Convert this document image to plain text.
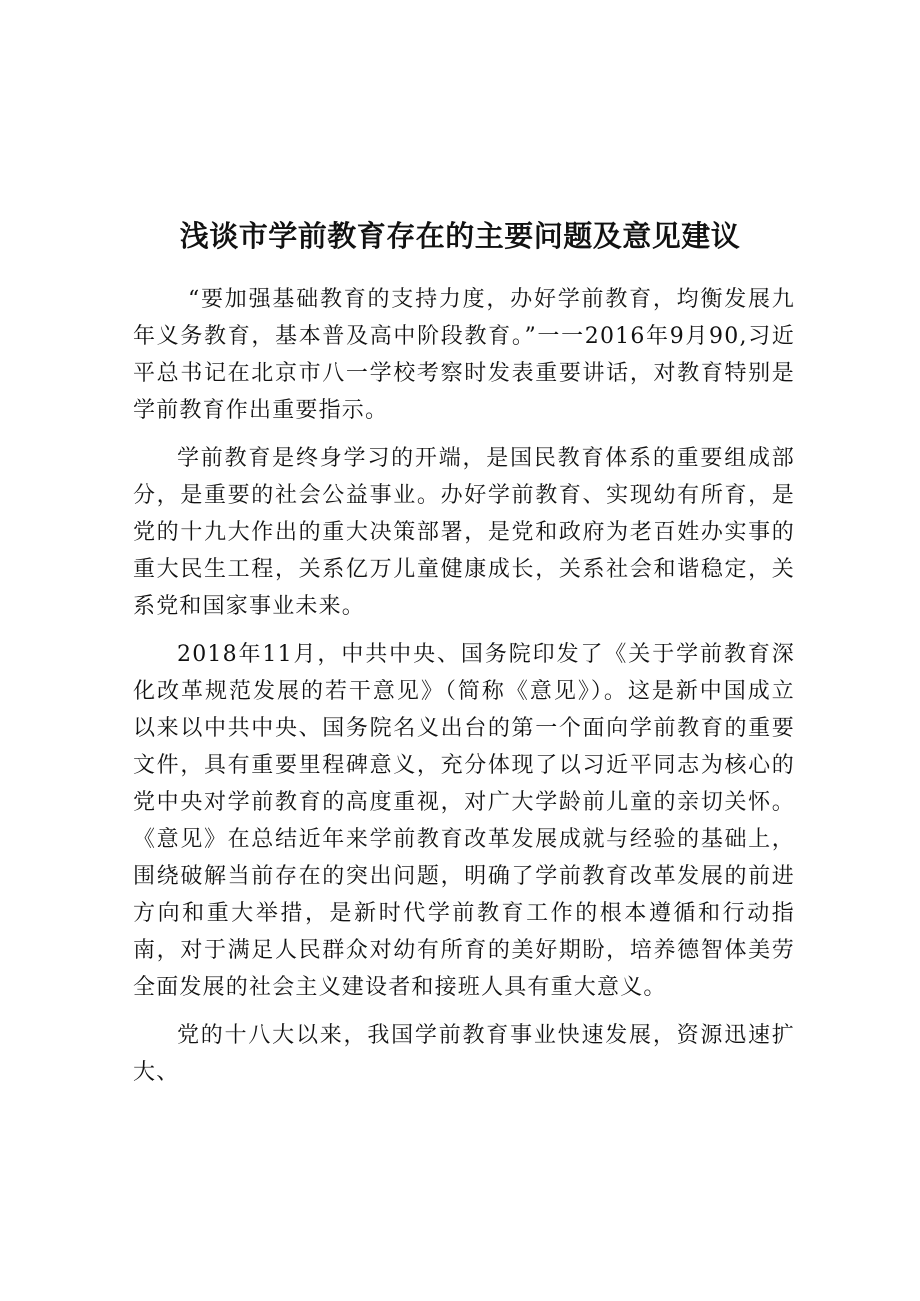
浅谈市学前教育存在的主要问题及意见建议

“要加强基础教育的支持力度，办好学前教育，均衡发展九年义务教育，基本普及高中阶段教育。”一一2016年9月90,习近平总书记在北京市八一学校考察时发表重要讲话，对教育特别是学前教育作出重要指示。

学前教育是终身学习的开端，是国民教育体系的重要组成部分，是重要的社会公益事业。办好学前教育、实现幼有所育，是党的十九大作出的重大决策部署，是党和政府为老百姓办实事的重大民生工程，关系亿万儿童健康成长，关系社会和谐稳定，关系党和国家事业未来。

2018年11月，中共中央、国务院印发了《关于学前教育深化改革规范发展的若干意见》（简称《意见》）。这是新中国成立以来以中共中央、国务院名义出台的第一个面向学前教育的重要文件，具有重要里程碑意义，充分体现了以习近平同志为核心的党中央对学前教育的高度重视，对广大学龄前儿童的亲切关怀。《意见》在总结近年来学前教育改革发展成就与经验的基础上，围绕破解当前存在的突出问题，明确了学前教育改革发展的前进方向和重大举措，是新时代学前教育工作的根本遵循和行动指南，对于满足人民群众对幼有所育的美好期盼，培养德智体美劳全面发展的社会主义建设者和接班人具有重大意义。

党的十八大以来，我国学前教育事业快速发展，资源迅速扩大、
